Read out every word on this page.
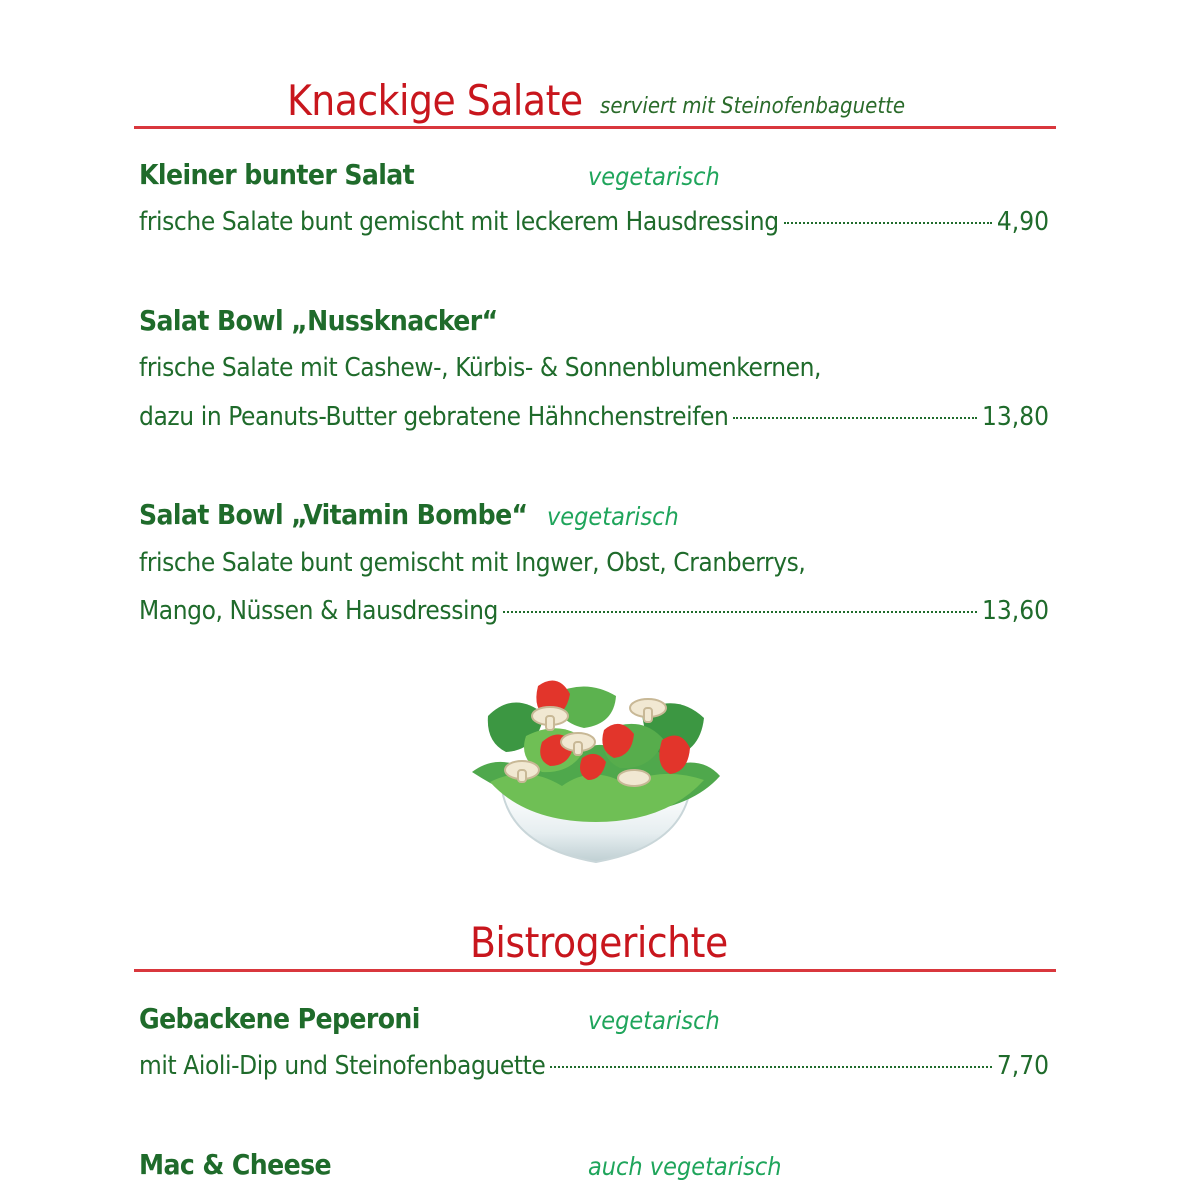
Knackige Salate serviert mit Steinofenbaguette
Kleiner bunter Salat	vegetarisch
frische Salate bunt gemischt mit leckerem Hausdressing	4,90
Salat Bowl „Nussknacker“
frische Salate mit Cashew-, Kürbis- & Sonnenblumenkernen,
dazu in Peanuts-Butter gebratene Hähnchenstreifen	13,80
Salat Bowl „Vitamin Bombe“ vegetarisch
frische Salate bunt gemischt mit Ingwer, Obst, Cranberrys,
Mango, Nüssen & Hausdressing	13,60
Bistrogerichte
Gebackene Peperoni	vegetarisch
mit Aioli-Dip und Steinofenbaguette	7,70
Mac & Cheese	auch vegetarisch
